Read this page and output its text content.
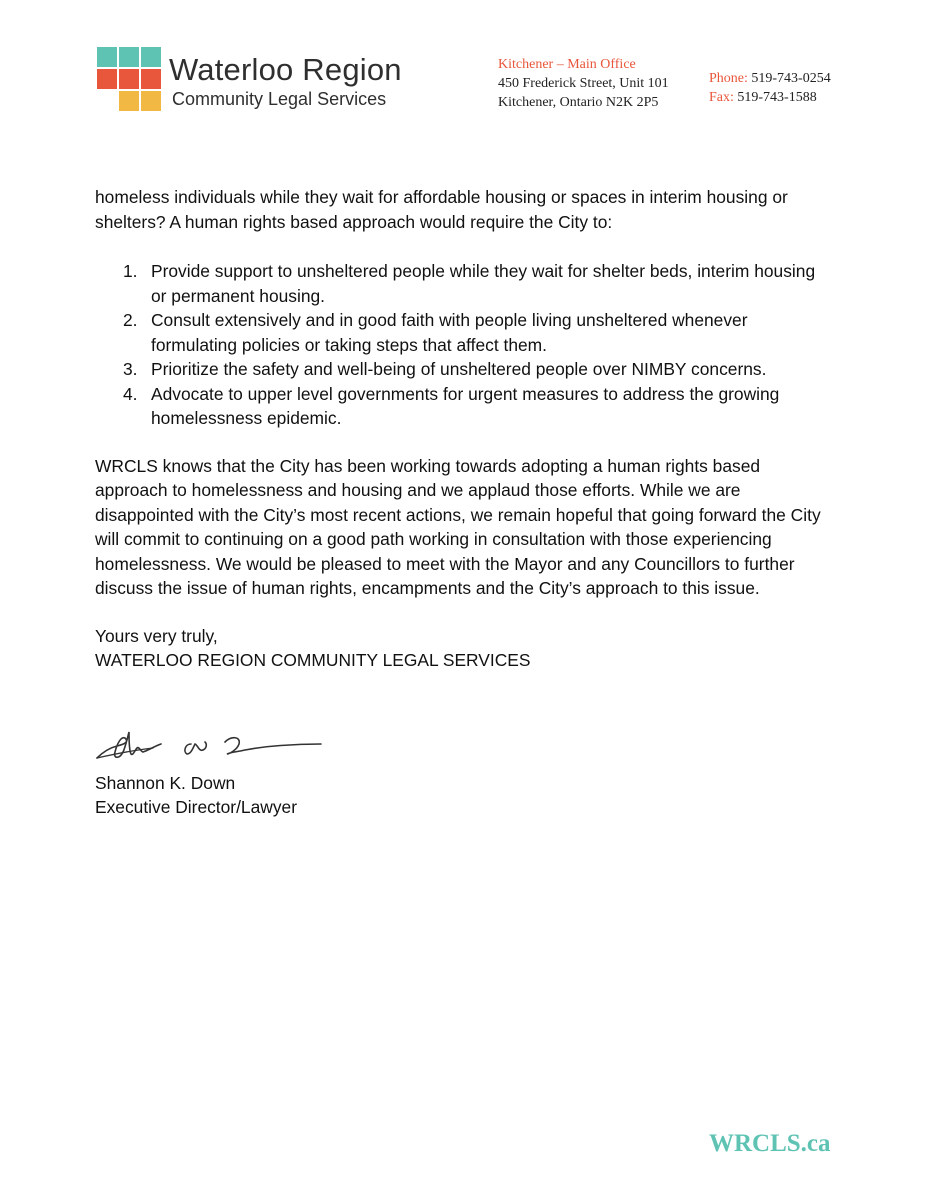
Waterloo Region
Community Legal Services
Kitchener – Main Office
450 Frederick Street, Unit 101
Kitchener, Ontario N2K 2P5
Phone: 519-743-0254
Fax: 519-743-1588

homeless individuals while they wait for affordable housing or spaces in interim housing or shelters? A human rights based approach would require the City to:

1. Provide support to unsheltered people while they wait for shelter beds, interim housing or permanent housing.
2. Consult extensively and in good faith with people living unsheltered whenever formulating policies or taking steps that affect them.
3. Prioritize the safety and well-being of unsheltered people over NIMBY concerns.
4. Advocate to upper level governments for urgent measures to address the growing homelessness epidemic.

WRCLS knows that the City has been working towards adopting a human rights based approach to homelessness and housing and we applaud those efforts. While we are disappointed with the City’s most recent actions, we remain hopeful that going forward the City will commit to continuing on a good path working in consultation with those experiencing homelessness. We would be pleased to meet with the Mayor and any Councillors to further discuss the issue of human rights, encampments and the City’s approach to this issue.

Yours very truly,

WATERLOO REGION COMMUNITY LEGAL SERVICES

Shannon K. Down

Executive Director/Lawyer

WRCLS.ca
